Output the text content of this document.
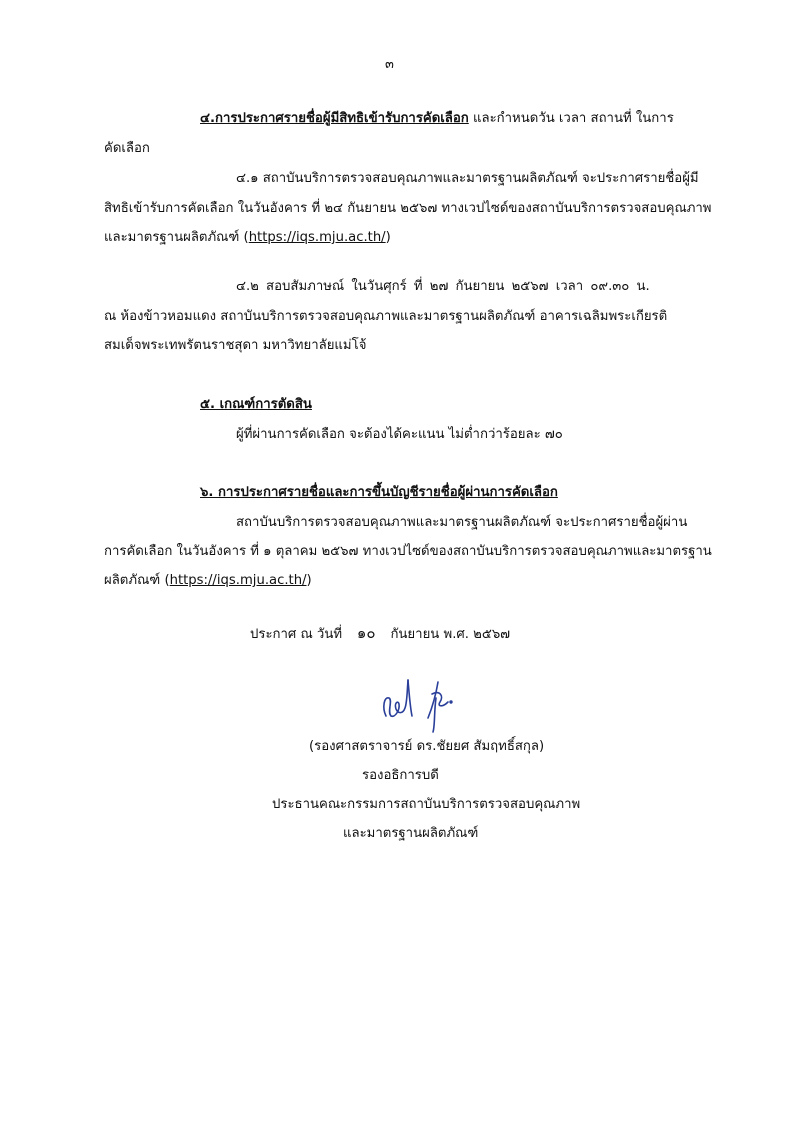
๓
๔.การประกาศรายชื่อผู้มีสิทธิเข้ารับการคัดเลือก และกำหนดวัน เวลา สถานที่ ในการ
คัดเลือก
๔.๑ สถาบันบริการตรวจสอบคุณภาพและมาตรฐานผลิตภัณฑ์ จะประกาศรายชื่อผู้มี
สิทธิเข้ารับการคัดเลือก ในวันอังคาร ที่ ๒๔ กันยายน ๒๕๖๗ ทางเวปไซด์ของสถาบันบริการตรวจสอบคุณภาพ
และมาตรฐานผลิตภัณฑ์ (https://iqs.mju.ac.th/)
๔.๒ สอบสัมภาษณ์ ในวันศุกร์ ที่ ๒๗ กันยายน ๒๕๖๗ เวลา ๐๙.๓๐ น.
ณ ห้องข้าวหอมแดง สถาบันบริการตรวจสอบคุณภาพและมาตรฐานผลิตภัณฑ์ อาคารเฉลิมพระเกียรติ
สมเด็จพระเทพรัตนราชสุดา มหาวิทยาลัยแม่โจ้
๕. เกณฑ์การตัดสิน
ผู้ที่ผ่านการคัดเลือก จะต้องได้คะแนน ไม่ต่ำกว่าร้อยละ ๗๐
๖. การประกาศรายชื่อและการขึ้นบัญชีรายชื่อผู้ผ่านการคัดเลือก
สถาบันบริการตรวจสอบคุณภาพและมาตรฐานผลิตภัณฑ์ จะประกาศรายชื่อผู้ผ่าน
การคัดเลือก ในวันอังคาร ที่ ๑ ตุลาคม ๒๕๖๗ ทางเวปไซด์ของสถาบันบริการตรวจสอบคุณภาพและมาตรฐาน
ผลิตภัณฑ์ (https://iqs.mju.ac.th/)
ประกาศ ณ วันที่ ๑๐ กันยายน พ.ศ. ๒๕๖๗
(รองศาสตราจารย์ ดร.ชัยยศ สัมฤทธิ์สกุล)
รองอธิการบดี
ประธานคณะกรรมการสถาบันบริการตรวจสอบคุณภาพ
และมาตรฐานผลิตภัณฑ์
